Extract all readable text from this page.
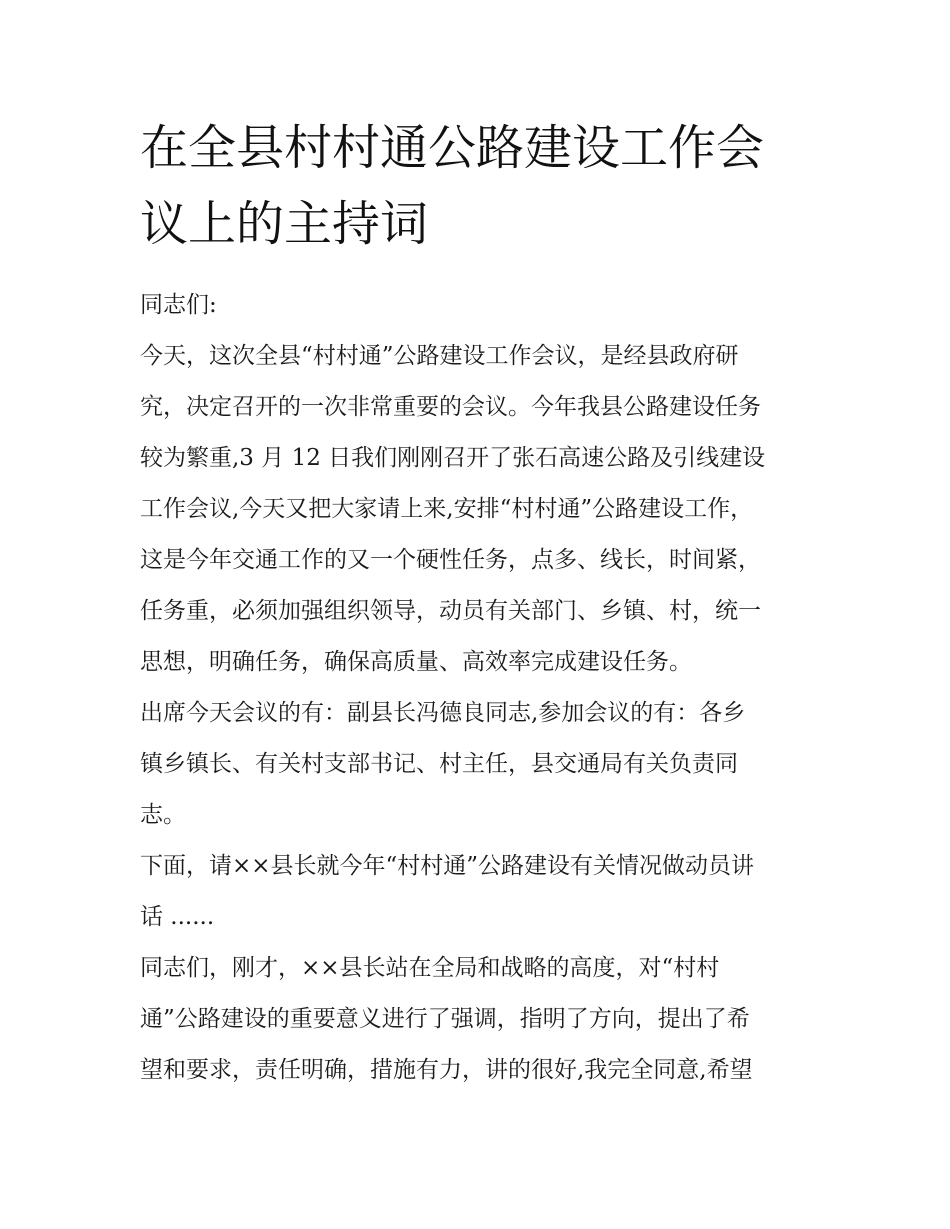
在全县村村通公路建设工作会
议上的主持词
同志们:
今天，这次全县“村村通”公路建设工作会议，是经县政府研
究，决定召开的一次非常重要的会议。今年我县公路建设任务
较为繁重,3 月 12 日我们刚刚召开了张石高速公路及引线建设
工作会议,今天又把大家请上来,安排“村村通”公路建设工作，
这是今年交通工作的又一个硬性任务，点多、线长，时间紧，
任务重，必须加强组织领导，动员有关部门、乡镇、村，统一
思想，明确任务，确保高质量、高效率完成建设任务。
出席今天会议的有：副县长冯德良同志,参加会议的有：各乡
镇乡镇长、有关村支部书记、村主任，县交通局有关负责同
志。
下面，请××县长就今年“村村通”公路建设有关情况做动员讲
话 ......
同志们，刚才，××县长站在全局和战略的高度，对“村村
通”公路建设的重要意义进行了强调，指明了方向，提出了希
望和要求，责任明确，措施有力，讲的很好,我完全同意,希望
